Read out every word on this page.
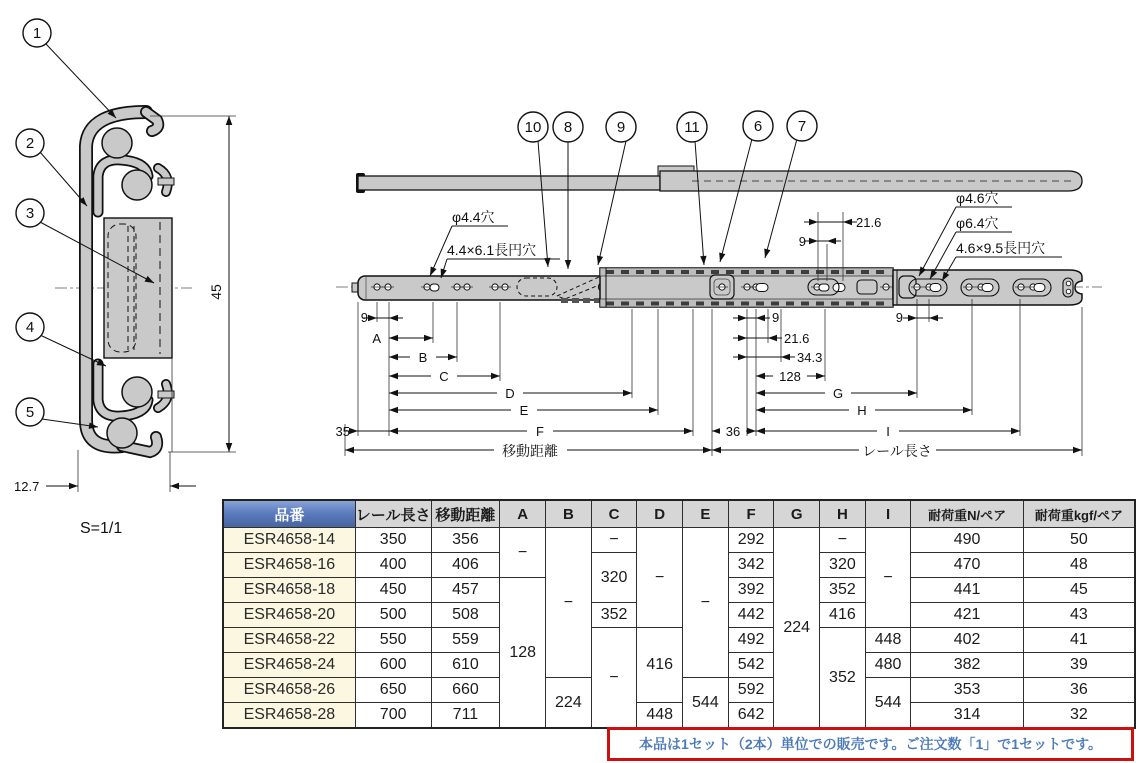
45
12.7
S=1/1
φ4.4穴
4.4×6.1長円穴
φ4.6穴
φ6.4穴
4.6×9.5長円穴
21.6
9
9
A
B
C
D
E
F
35
移動距離
9	9
21.6
34.3
128
G
H
I
36
レール長さ
1
2
3
4
5
10 8	9	11	6 7
品番	レール長さ	移動距離	A	B	C	D	E	F	G	H	I	耐荷重N/ペア	耐荷重kgf/ペア
ESR4658-14	350	356	−	−	−	−	−	292	224	−	−	490	50
ESR4658-16	400	406			320			342		320		470	48
ESR4658-18	450	457	128					392		352		441	45
ESR4658-20	500	508			352			442		416		421	43
ESR4658-22	550	559			−	416		492		352	448	402	41
ESR4658-24	600	610						542			480	382	39
ESR4658-26	650	660		224			544	592			544	353	36
ESR4658-28	700	711				448		642				314	32
本品は1セット（2本）単位での販売です。ご注文数「1」で1セットです。
